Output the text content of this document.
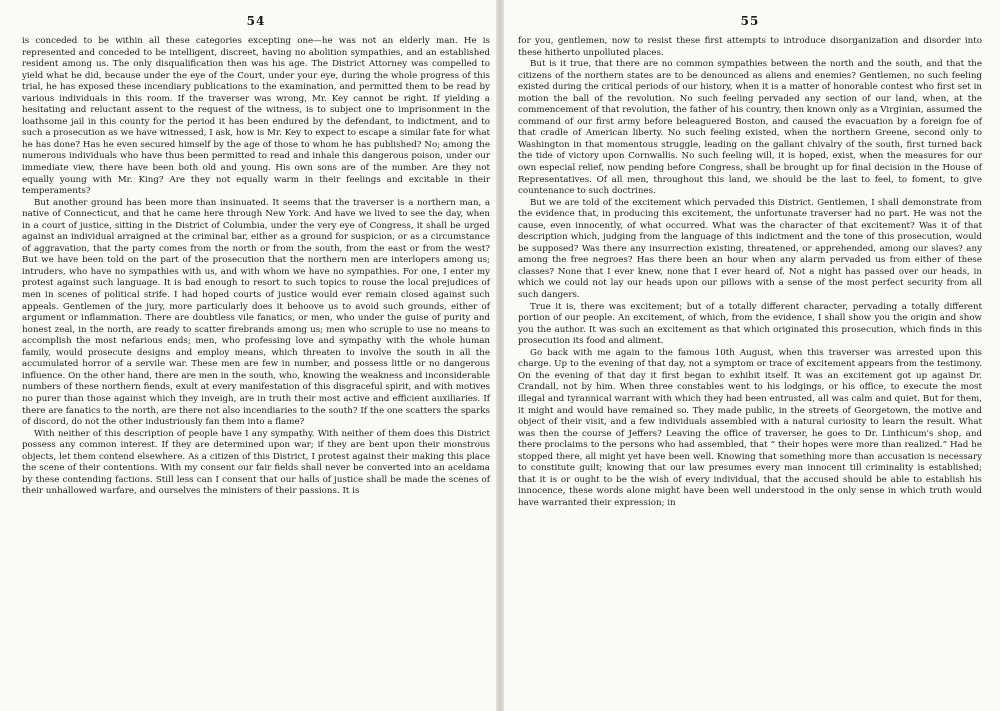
54

is conceded to be within all these categories excepting one—he was not an elderly man. He is represented and conceded to be intelligent, discreet, having no abolition sympathies, and an established resident among us. The only disqualification then was his age. The District Attorney was compelled to yield what he did, because under the eye of the Court, under your eye, during the whole progress of this trial, he has exposed these incendiary publications to the examination, and permitted them to be read by various individuals in this room. If the traverser was wrong, Mr. Key cannot be right. If yielding a hesitating and reluctant assent to the request of the witness, is to subject one to imprisonment in the loathsome jail in this county for the period it has been endured by the defendant, to indictment, and to such a prosecution as we have witnessed, I ask, how is Mr. Key to expect to escape a similar fate for what he has done? Has he even secured himself by the age of those to whom he has published? No; among the numerous individuals who have thus been permitted to read and inhale this dangerous poison, under our immediate view, there have been both old and young. His own sons are of the number. Are they not equally young with Mr. King? Are they not equally warm in their feelings and excitable in their temperaments?

But another ground has been more than insinuated. It seems that the traverser is a northern man, a native of Connecticut, and that he came here through New York. And have we lived to see the day, when in a court of justice, sitting in the District of Columbia, under the very eye of Congress, it shall be urged against an individual arraigned at the criminal bar, either as a ground for suspicion, or as a circumstance of aggravation, that the party comes from the north or from the south, from the east or from the west? But we have been told on the part of the prosecution that the northern men are interlopers among us; intruders, who have no sympathies with us, and with whom we have no sympathies. For one, I enter my protest against such language. It is bad enough to resort to such topics to rouse the local prejudices of men in scenes of political strife. I had hoped courts of justice would ever remain closed against such appeals. Gentlemen of the jury, more particularly does it behoove us to avoid such grounds, either of argument or inflammation. There are doubtless vile fanatics, or men, who under the guise of purity and honest zeal, in the north, are ready to scatter firebrands among us; men who scruple to use no means to accomplish the most nefarious ends; men, who professing love and sympathy with the whole human family, would prosecute designs and employ means, which threaten to involve the south in all the accumulated horror of a servile war. These men are few in number, and possess little or no dangerous influence. On the other hand, there are men in the south, who, knowing the weakness and inconsiderable numbers of these northern fiends, exult at every manifestation of this disgraceful spirit, and with motives no purer than those against which they inveigh, are in truth their most active and efficient auxiliaries. If there are fanatics to the north, are there not also incendiaries to the south? If the one scatters the sparks of discord, do not the other industriously fan them into a flame?

With neither of this description of people have I any sympathy. With neither of them does this District possess any common interest. If they are determined upon war; if they are bent upon their monstrous objects, let them contend elsewhere. As a citizen of this District, I protest against their making this place the scene of their contentions. With my consent our fair fields shall never be converted into an aceldama by these contending factions. Still less can I consent that our halls of justice shall be made the scenes of their unhallowed warfare, and ourselves the ministers of their passions. It is

55

for you, gentlemen, now to resist these first attempts to introduce disorganization and disorder into these hitherto unpolluted places.

But is it true, that there are no common sympathies between the north and the south, and that the citizens of the northern states are to be denounced as aliens and enemies? Gentlemen, no such feeling existed during the critical periods of our history, when it is a matter of honorable contest who first set in motion the ball of the revolution. No such feeling pervaded any section of our land, when, at the commencement of that revolution, the father of his country, then known only as a Virginian, assumed the command of our first army before beleaguered Boston, and caused the evacuation by a foreign foe of that cradle of American liberty. No such feeling existed, when the northern Greene, second only to Washington in that momentous struggle, leading on the gallant chivalry of the south, first turned back the tide of victory upon Cornwallis. No such feeling will, it is hoped, exist, when the measures for our own especial relief, now pending before Congress, shall be brought up for final decision in the House of Representatives. Of all men, throughout this land, we should be the last to feel, to foment, to give countenance to such doctrines.

But we are told of the excitement which pervaded this District. Gentlemen, I shall demonstrate from the evidence that, in producing this excitement, the unfortunate traverser had no part. He was not the cause, even innocently, of what occurred. What was the character of that excitement? Was it of that description which, judging from the language of this indictment and the tone of this prosecution, would be supposed? Was there any insurrection existing, threatened, or apprehended, among our slaves? any among the free negroes? Has there been an hour when any alarm pervaded us from either of these classes? None that I ever knew, none that I ever heard of. Not a night has passed over our heads, in which we could not lay our heads upon our pillows with a sense of the most perfect security from all such dangers.

True it is, there was excitement; but of a totally different character, pervading a totally different portion of our people. An excitement, of which, from the evidence, I shall show you the origin and show you the author. It was such an excitement as that which originated this prosecution, which finds in this prosecution its food and aliment.

Go back with me again to the famous 10th August, when this traverser was arrested upon this charge. Up to the evening of that day, not a symptom or trace of excitement appears from the testimony. On the evening of that day it first began to exhibit itself. It was an excitement got up against Dr. Crandall, not by him. When three constables went to his lodgings, or his office, to execute the most illegal and tyrannical warrant with which they had been entrusted, all was calm and quiet. But for them, it might and would have remained so. They made public, in the streets of Georgetown, the motive and object of their visit, and a few individuals assembled with a natural curiosity to learn the result. What was then the course of Jeffers? Leaving the office of traverser, he goes to Dr. Linthicum's shop, and there proclaims to the persons who had assembled, that “ their hopes were more than realized.” Had he stopped there, all might yet have been well. Knowing that something more than accusation is necessary to constitute guilt; knowing that our law presumes every man innocent till criminality is established; that it is or ought to be the wish of every individual, that the accused should be able to establish his innocence, these words alone might have been well understood in the only sense in which truth would have warranted their expression; in
